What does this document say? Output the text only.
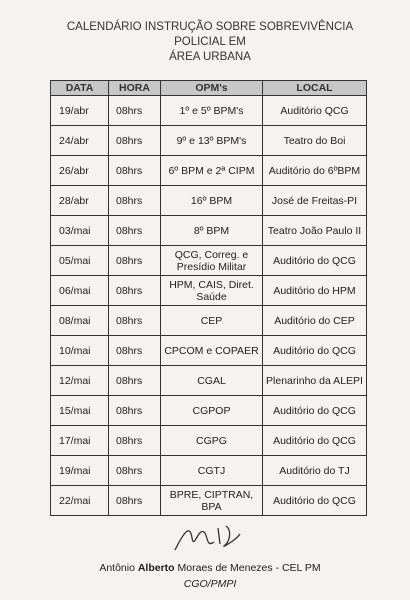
CALENDÁRIO INSTRUÇÃO SOBRE SOBREVIVÊNCIA POLICIAL EM
ÁREA URBANA
DATA	HORA	OPM's	LOCAL
19/abr	08hrs	1º e 5º BPM's	Auditório QCG
24/abr	08hrs	9º e 13º BPM's	Teatro do Boi
26/abr	08hrs	6º BPM e 2ª CIPM	Auditório do 6ºBPM
28/abr	08hrs	16º BPM	José de Freitas-PI
03/mai	08hrs	8º BPM	Teatro João Paulo II
05/mai	08hrs	QCG, Correg. e Presídio Militar	Auditório do QCG
06/mai	08hrs	HPM, CAIS, Diret. Saúde	Auditório do HPM
08/mai	08hrs	CEP	Auditório do CEP
10/mai	08hrs	CPCOM e COPAER	Auditório do QCG
12/mai	08hrs	CGAL	Plenarinho da ALEPI
15/mai	08hrs	CGPOP	Auditório do QCG
17/mai	08hrs	CGPG	Auditório do QCG
19/mai	08hrs	CGTJ	Auditório do TJ
22/mai	08hrs	BPRE, CIPTRAN, BPA	Auditório do QCG
Antônio Alberto Moraes de Menezes - CEL PM
CGO/PMPI
